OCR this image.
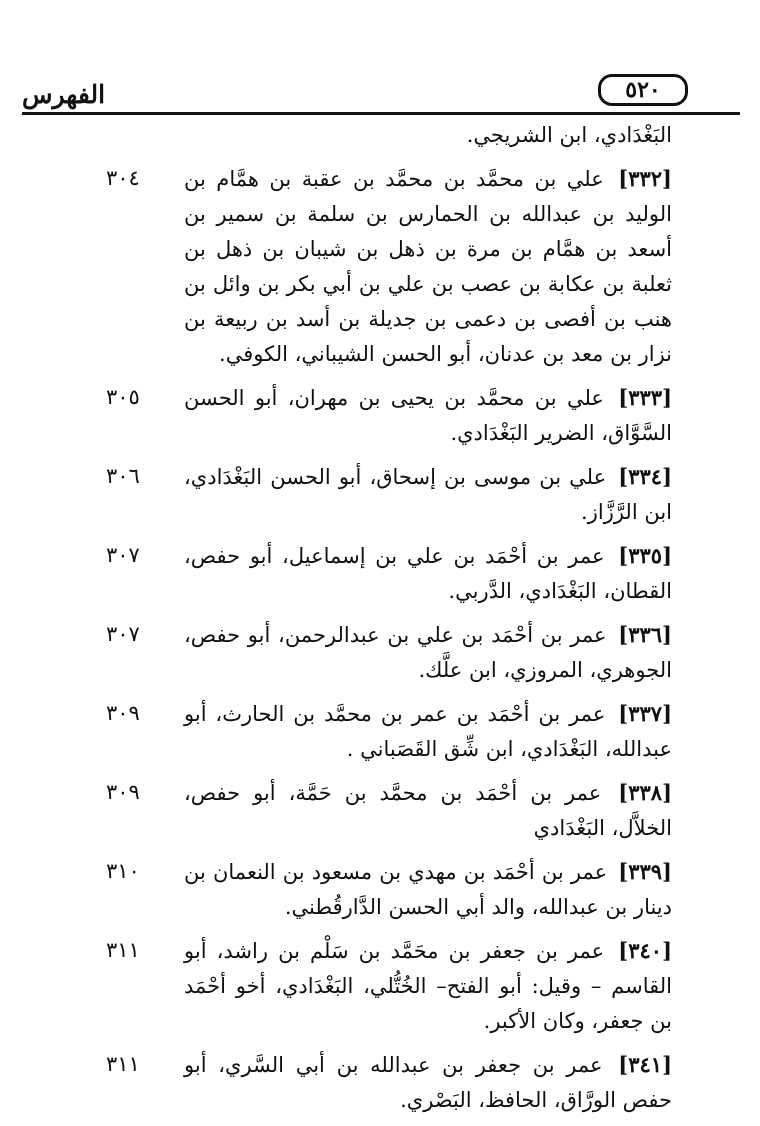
الفهرس	٥٢٠
البَغْدَادي، ابن الشريجي.
[٣٣٢] علي بن محمَّد بن محمَّد بن عقبة بن همَّام بن الوليد بن عبدالله بن الحمارس بن سلمة بن سمير بن أسعد بن همَّام بن مرة بن ذهل بن شيبان بن ذهل بن ثعلبة بن عكابة بن عصب بن علي بن أبي بكر بن وائل بن هنب بن أفصى بن دعمى بن جديلة بن أسد بن ربيعة بن نزار بن معد بن عدنان، أبو الحسن الشيباني، الكوفي.
٣٠٤
[٣٣٣] علي بن محمَّد بن يحيى بن مهران، أبو الحسن السَّوَّاق، الضرير البَغْدَادي.
٣٠٥
[٣٣٤] علي بن موسى بن إسحاق، أبو الحسن البَغْدَادي، ابن الرَّزَّاز.
٣٠٦
[٣٣٥] عمر بن أحْمَد بن علي بن إسماعيل، أبو حفص، القطان، البَغْدَادي، الدَّربي.
٣٠٧
[٣٣٦] عمر بن أحْمَد بن علي بن عبدالرحمن، أبو حفص، الجوهري، المروزي، ابن علَّك.
٣٠٧
[٣٣٧] عمر بن أحْمَد بن عمر بن محمَّد بن الحارث، أبو عبدالله، البَغْدَادي، ابن شِّق القَصَباني .
٣٠٩
[٣٣٨] عمر بن أحْمَد بن محمَّد بن حَمَّة، أبو حفص، الخلاَّل، البَغْدَادي
٣٠٩
[٣٣٩] عمر بن أحْمَد بن مهدي بن مسعود بن النعمان بن دينار بن عبدالله، والد أبي الحسن الدَّارقُطني.
٣١٠
[٣٤٠] عمر بن جعفر بن محَمَّد بن سَلْم بن راشد، أبو القاسم – وقيل: أبو الفتح– الخُتُّلي، البَغْدَادي، أخو أحْمَد بن جعفر، وكان الأكبر.
٣١١
[٣٤١] عمر بن جعفر بن عبدالله بن أبي السَّري، أبو حفص الورَّاق، الحافظ، البَصْري.
٣١١
